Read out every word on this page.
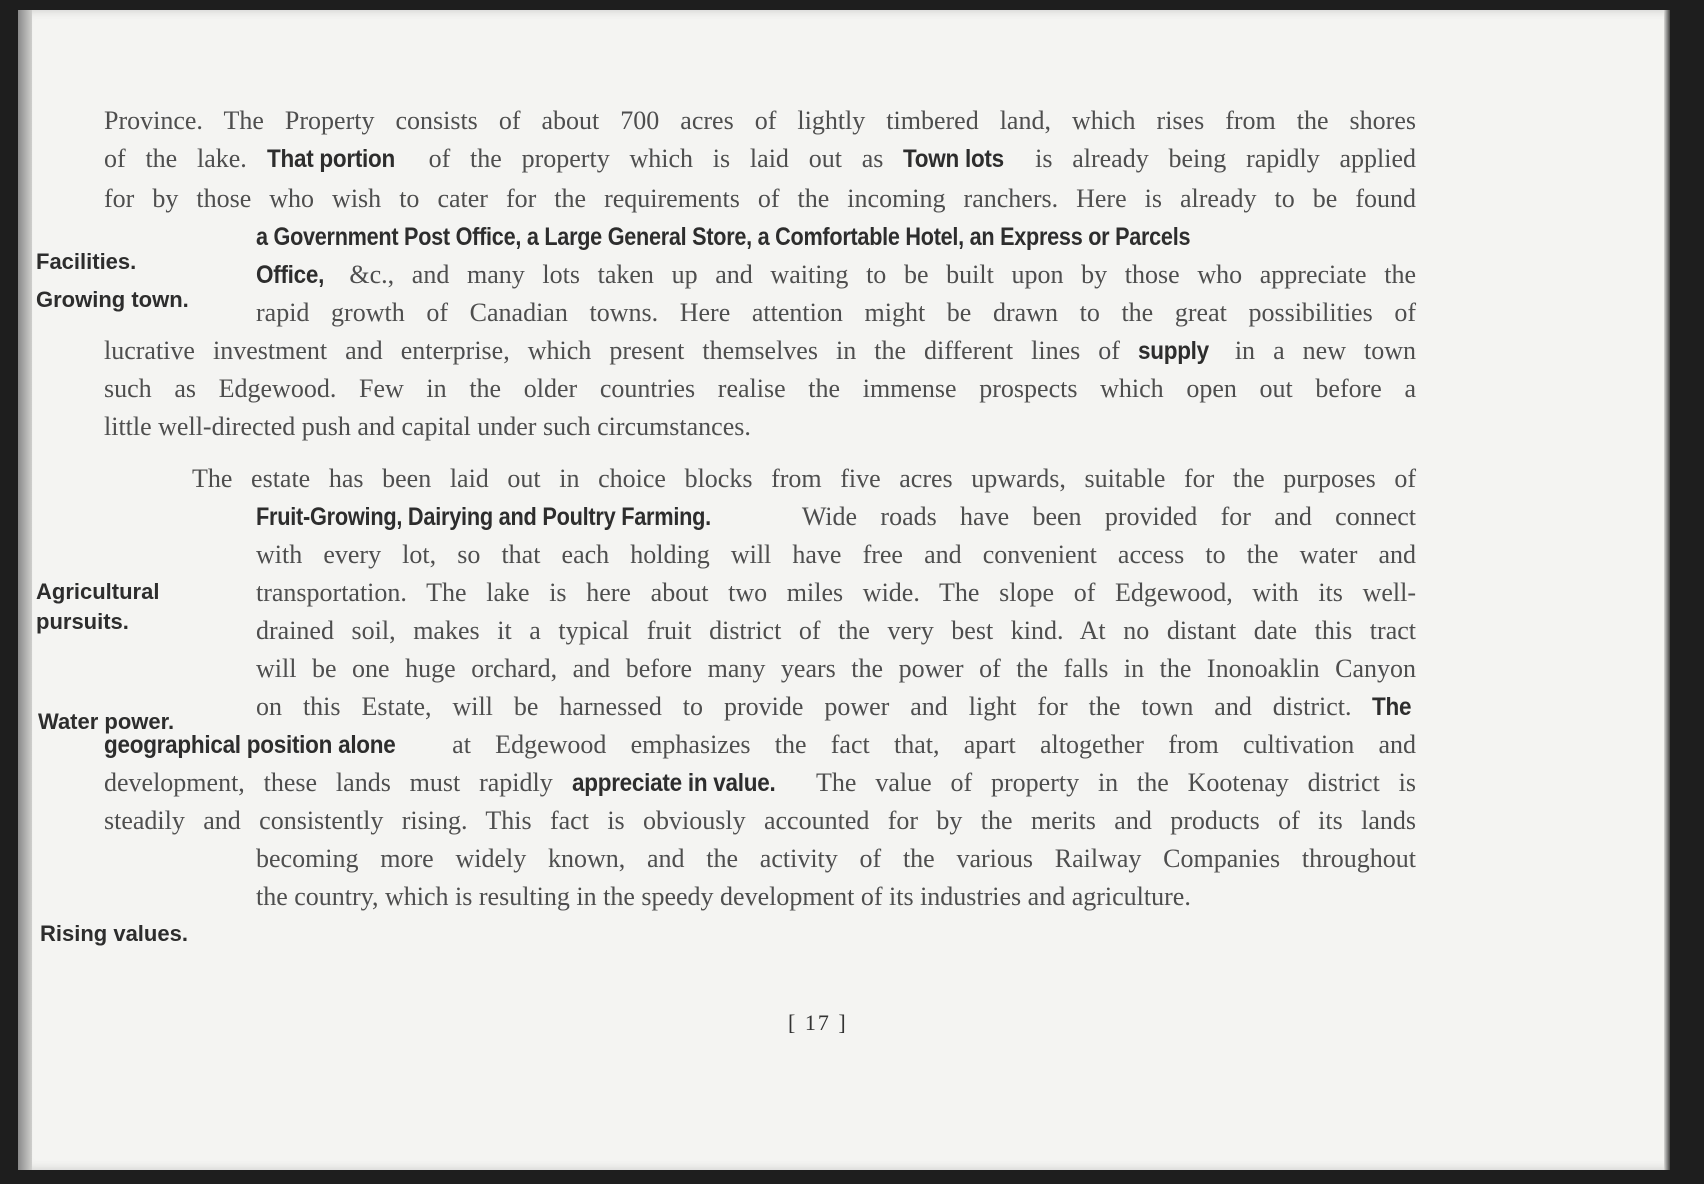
Province. The Property consists of about 700 acres of lightly timbered land, which rises from the shores
of the lake. That portion of the property which is laid out as Town lots is already being rapidly applied
for by those who wish to cater for the requirements of the incoming ranchers. Here is already to be found
a Government Post Office, a Large General Store, a Comfortable Hotel, an Express or Parcels
Office, &c., and many lots taken up and waiting to be built upon by those who appreciate the
rapid growth of Canadian towns. Here attention might be drawn to the great possibilities of
lucrative investment and enterprise, which present themselves in the different lines of supply in a new town
such as Edgewood. Few in the older countries realise the immense prospects which open out before a
little well-directed push and capital under such circumstances.
The estate has been laid out in choice blocks from five acres upwards, suitable for the purposes of
Fruit-Growing, Dairying and Poultry Farming.	Wide roads have been provided for and connect
with every lot, so that each holding will have free and convenient access to the water and
transportation. The lake is here about two miles wide. The slope of Edgewood, with its well-
drained soil, makes it a typical fruit district of the very best kind. At no distant date this tract
will be one huge orchard, and before many years the power of the falls in the Inonoaklin Canyon
on this Estate, will be harnessed to provide power and light for the town and district. The
geographical position alone at Edgewood emphasizes the fact that, apart altogether from cultivation and
development, these lands must rapidly appreciate in value. The value of property in the Kootenay district is
steadily and consistently rising. This fact is obviously accounted for by the merits and products of its lands
becoming more widely known, and the activity of the various Railway Companies throughout
the country, which is resulting in the speedy development of its industries and agriculture.
Facilities.
Growing town.
Agricultural
pursuits.
Water power.
Rising values.
[ 17 ]
